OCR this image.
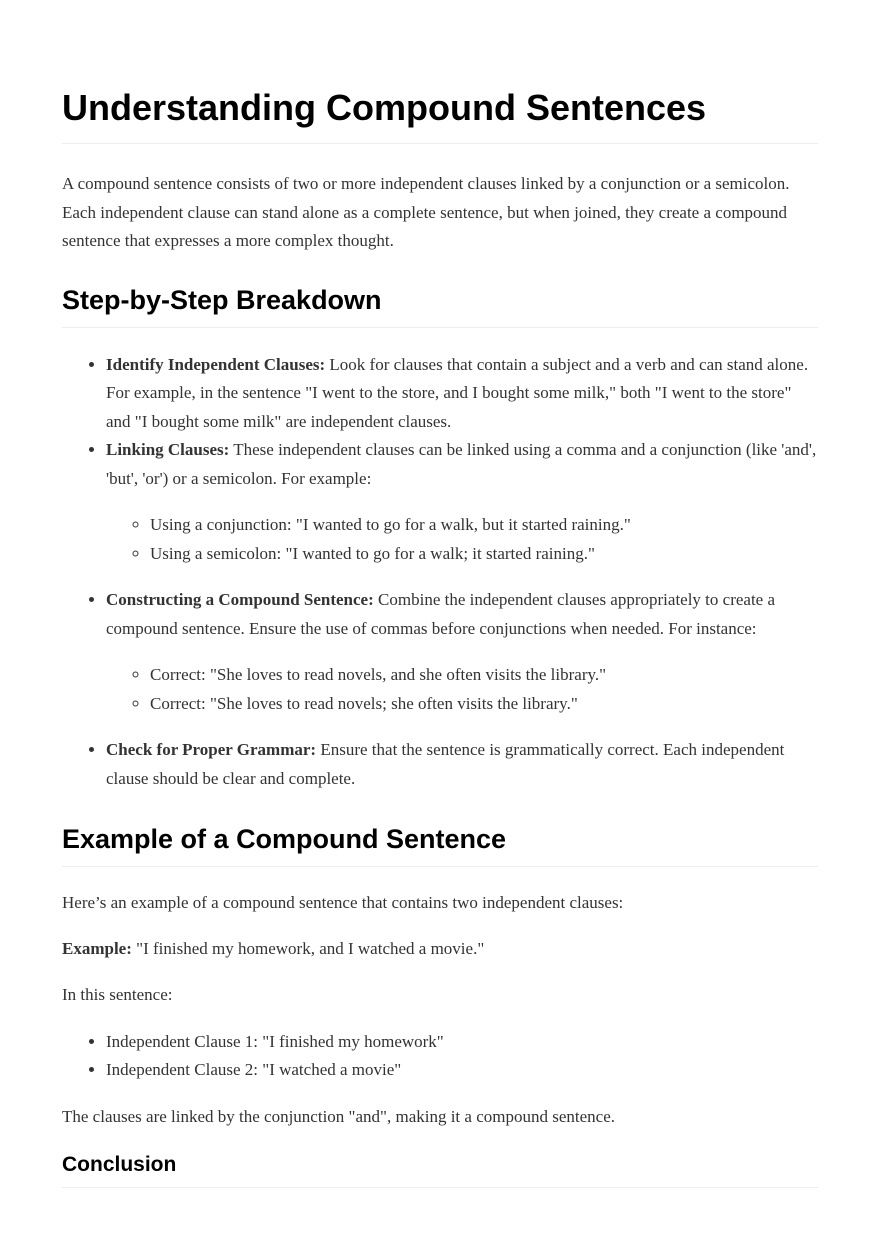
Understanding Compound Sentences

A compound sentence consists of two or more independent clauses linked by a conjunction or a semicolon. Each independent clause can stand alone as a complete sentence, but when joined, they create a compound sentence that expresses a more complex thought.

Step-by-Step Breakdown
• Identify Independent Clauses: Look for clauses that contain a subject and a verb and can stand alone. For example, in the sentence "I went to the store, and I bought some milk," both "I went to the store" and "I bought some milk" are independent clauses.
• Linking Clauses: These independent clauses can be linked using a comma and a conjunction (like 'and', 'but', 'or') or a semicolon. For example:
◦ Using a conjunction: "I wanted to go for a walk, but it started raining."
◦ Using a semicolon: "I wanted to go for a walk; it started raining."
• Constructing a Compound Sentence: Combine the independent clauses appropriately to create a compound sentence. Ensure the use of commas before conjunctions when needed. For instance:
◦ Correct: "She loves to read novels, and she often visits the library."
◦ Correct: "She loves to read novels; she often visits the library."
• Check for Proper Grammar: Ensure that the sentence is grammatically correct. Each independent clause should be clear and complete.
Example of a Compound Sentence

Here’s an example of a compound sentence that contains two independent clauses:

Example: "I finished my homework, and I watched a movie."

In this sentence:

• Independent Clause 1: "I finished my homework"
• Independent Clause 2: "I watched a movie"

The clauses are linked by the conjunction "and", making it a compound sentence.

Conclusion
